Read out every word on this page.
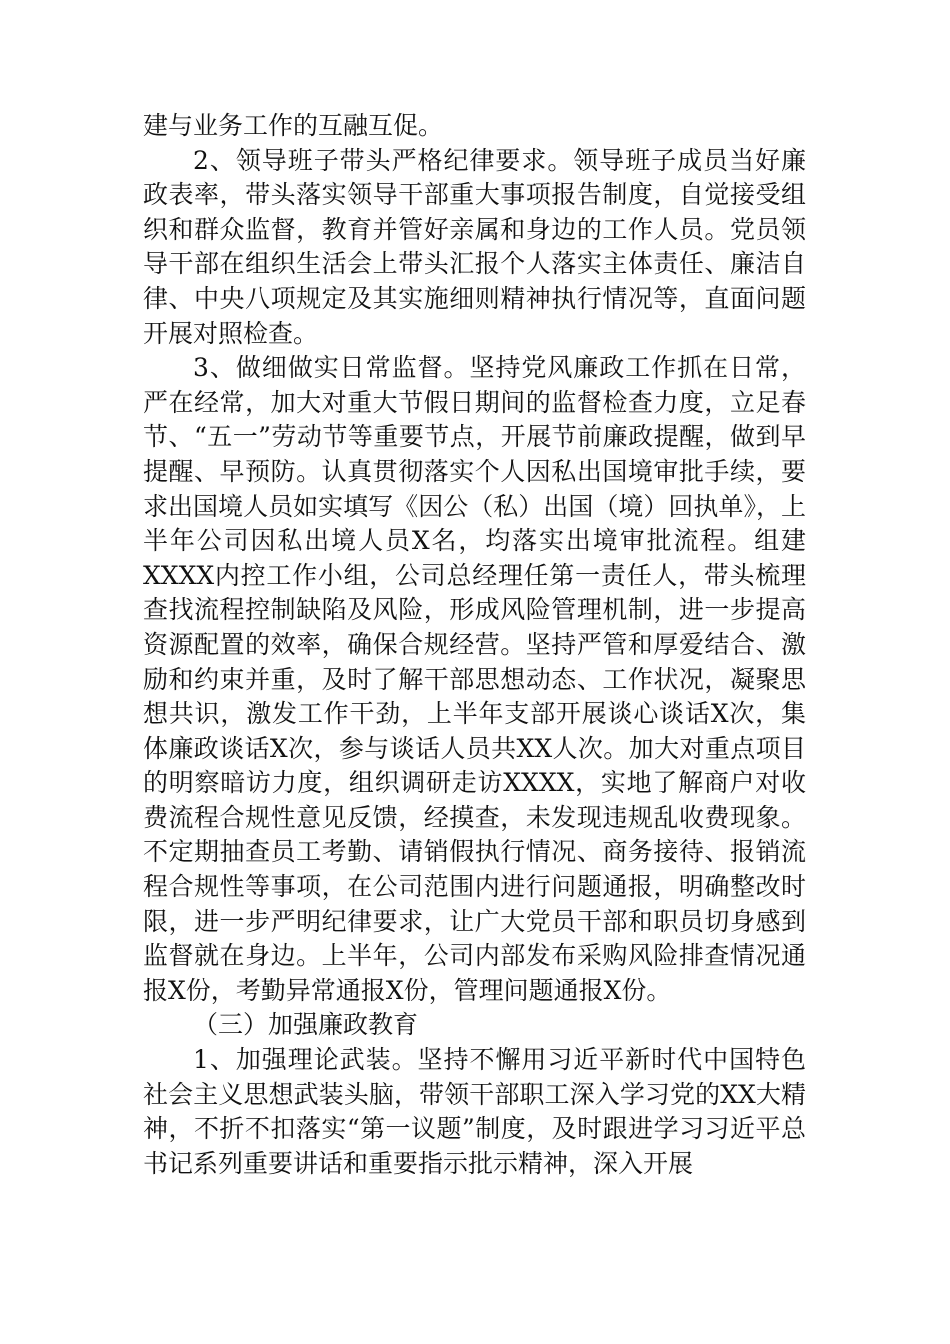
建与业务工作的互融互促。

2、领导班子带头严格纪律要求。领导班子成员当好廉政表率，带头落实领导干部重大事项报告制度，自觉接受组织和群众监督，教育并管好亲属和身边的工作人员。党员领导干部在组织生活会上带头汇报个人落实主体责任、廉洁自律、中央八项规定及其实施细则精神执行情况等，直面问题开展对照检查。

3、做细做实日常监督。坚持党风廉政工作抓在日常，严在经常，加大对重大节假日期间的监督检查力度，立足春节、“五一”劳动节等重要节点，开展节前廉政提醒，做到早提醒、早预防。认真贯彻落实个人因私出国境审批手续，要求出国境人员如实填写《因公（私）出国（境）回执单》，上半年公司因私出境人员X名，均落实出境审批流程。组建XXXX内控工作小组，公司总经理任第一责任人，带头梳理查找流程控制缺陷及风险，形成风险管理机制，进一步提高资源配置的效率，确保合规经营。坚持严管和厚爱结合、激励和约束并重，及时了解干部思想动态、工作状况，凝聚思想共识，激发工作干劲，上半年支部开展谈心谈话X次，集体廉政谈话X次，参与谈话人员共XX人次。加大对重点项目的明察暗访力度，组织调研走访XXXX，实地了解商户对收费流程合规性意见反馈，经摸查，未发现违规乱收费现象。不定期抽查员工考勤、请销假执行情况、商务接待、报销流程合规性等事项，在公司范围内进行问题通报，明确整改时限，进一步严明纪律要求，让广大党员干部和职员切身感到监督就在身边。上半年，公司内部发布采购风险排查情况通报X份，考勤异常通报X份，管理问题通报X份。

（三）加强廉政教育

1、加强理论武装。坚持不懈用习近平新时代中国特色社会主义思想武装头脑，带领干部职工深入学习党的XX大精神，不折不扣落实“第一议题”制度，及时跟进学习习近平总书记系列重要讲话和重要指示批示精神，深入开展
